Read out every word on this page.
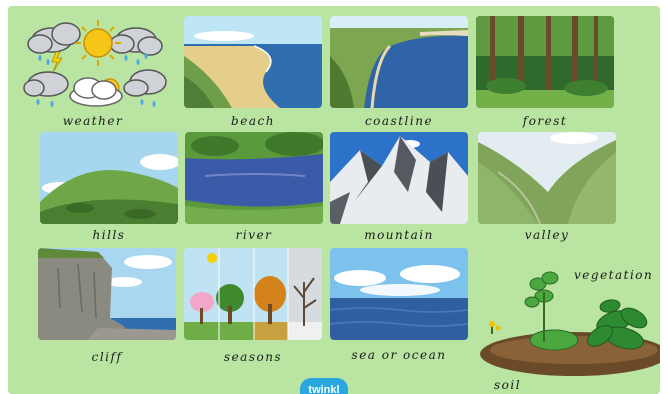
weather	beach	coastline	forest
hills	river	mountain	valley
cliff	seasons	sea or ocean
vegetation
soil
twinkl
